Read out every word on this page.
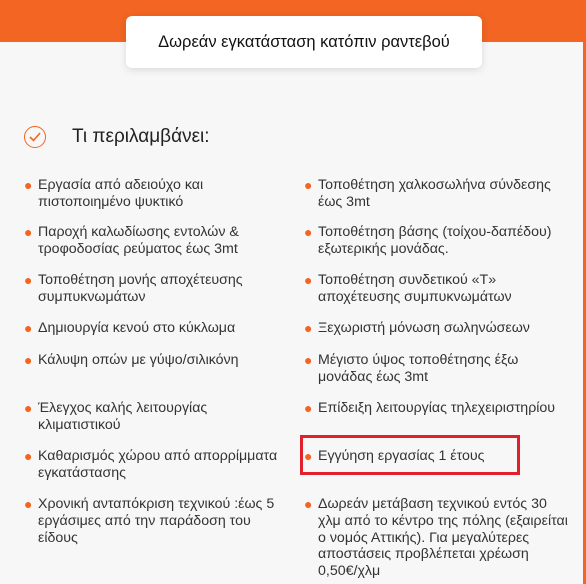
Δωρεάν εγκατάσταση κατόπιν ραντεβού
Τι περιλαμβάνει:
● Εργασία από αδειούχο και πιστοποιημένο ψυκτικό
● Παροχή καλωδίωσης εντολών & τροφοδοσίας ρεύματος έως 3mt
● Τοποθέτηση μονής αποχέτευσης συμπυκνωμάτων
● Δημιουργία κενού στο κύκλωμα
● Κάλυψη οπών με γύψο/σιλικόνη
● Έλεγχος καλής λειτουργίας κλιματιστικού
● Καθαρισμός χώρου από απορρίμματα εγκατάστασης
● Χρονική ανταπόκριση τεχνικού :έως 5 εργάσιμες από την παράδοση του είδους
● Τοποθέτηση χαλκοσωλήνα σύνδεσης έως 3mt
● Τοποθέτηση βάσης (τοίχου-δαπέδου) εξωτερικής μονάδας.
● Τοποθέτηση συνδετικού «Τ» αποχέτευσης συμπυκνωμάτων
● Ξεχωριστή μόνωση σωληνώσεων
● Μέγιστο ύψος τοποθέτησης έξω μονάδας έως 3mt
● Επίδειξη λειτουργίας τηλεχειριστηρίου
● Εγγύηση εργασίας 1 έτους
● Δωρεάν μετάβαση τεχνικού εντός 30 χλμ από το κέντρο της πόλης (εξαιρείται ο νομός Αττικής). Για μεγαλύτερες αποστάσεις προβλέπεται χρέωση 0,50€/χλμ
